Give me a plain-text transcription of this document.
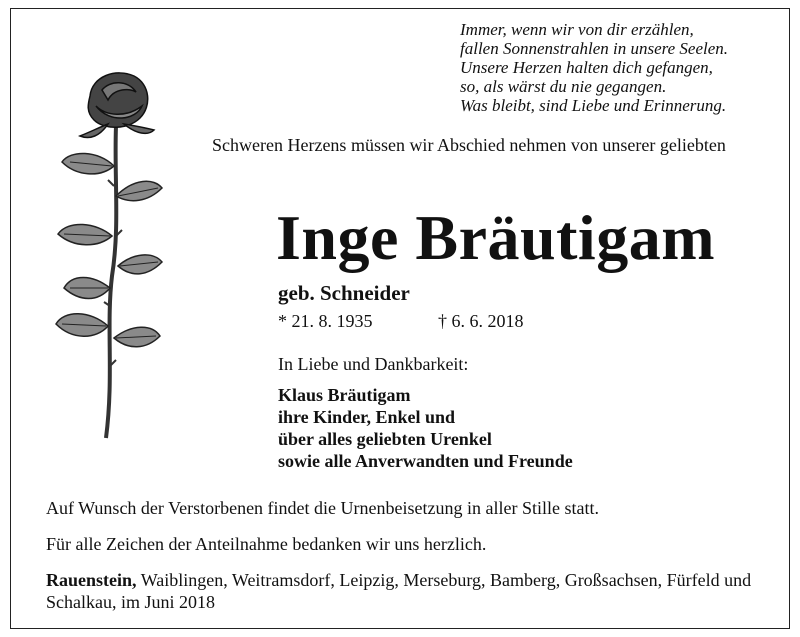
Immer, wenn wir von dir erzählen,
fallen Sonnenstrahlen in unsere Seelen.
Unsere Herzen halten dich gefangen,
so, als wärst du nie gegangen.
Was bleibt, sind Liebe und Erinnerung.
Schweren Herzens müssen wir Abschied nehmen von unserer geliebten
Inge Bräutigam
geb. Schneider
* 21. 8. 1935	† 6. 6. 2018
In Liebe und Dankbarkeit:
Klaus Bräutigam
ihre Kinder, Enkel und
über alles geliebten Urenkel
sowie alle Anverwandten und Freunde
Auf Wunsch der Verstorbenen findet die Urnenbeisetzung in aller Stille statt.
Für alle Zeichen der Anteilnahme bedanken wir uns herzlich.
Rauenstein, Waiblingen, Weitramsdorf, Leipzig, Merseburg, Bamberg, Großsachsen, Fürfeld und Schalkau, im Juni 2018
